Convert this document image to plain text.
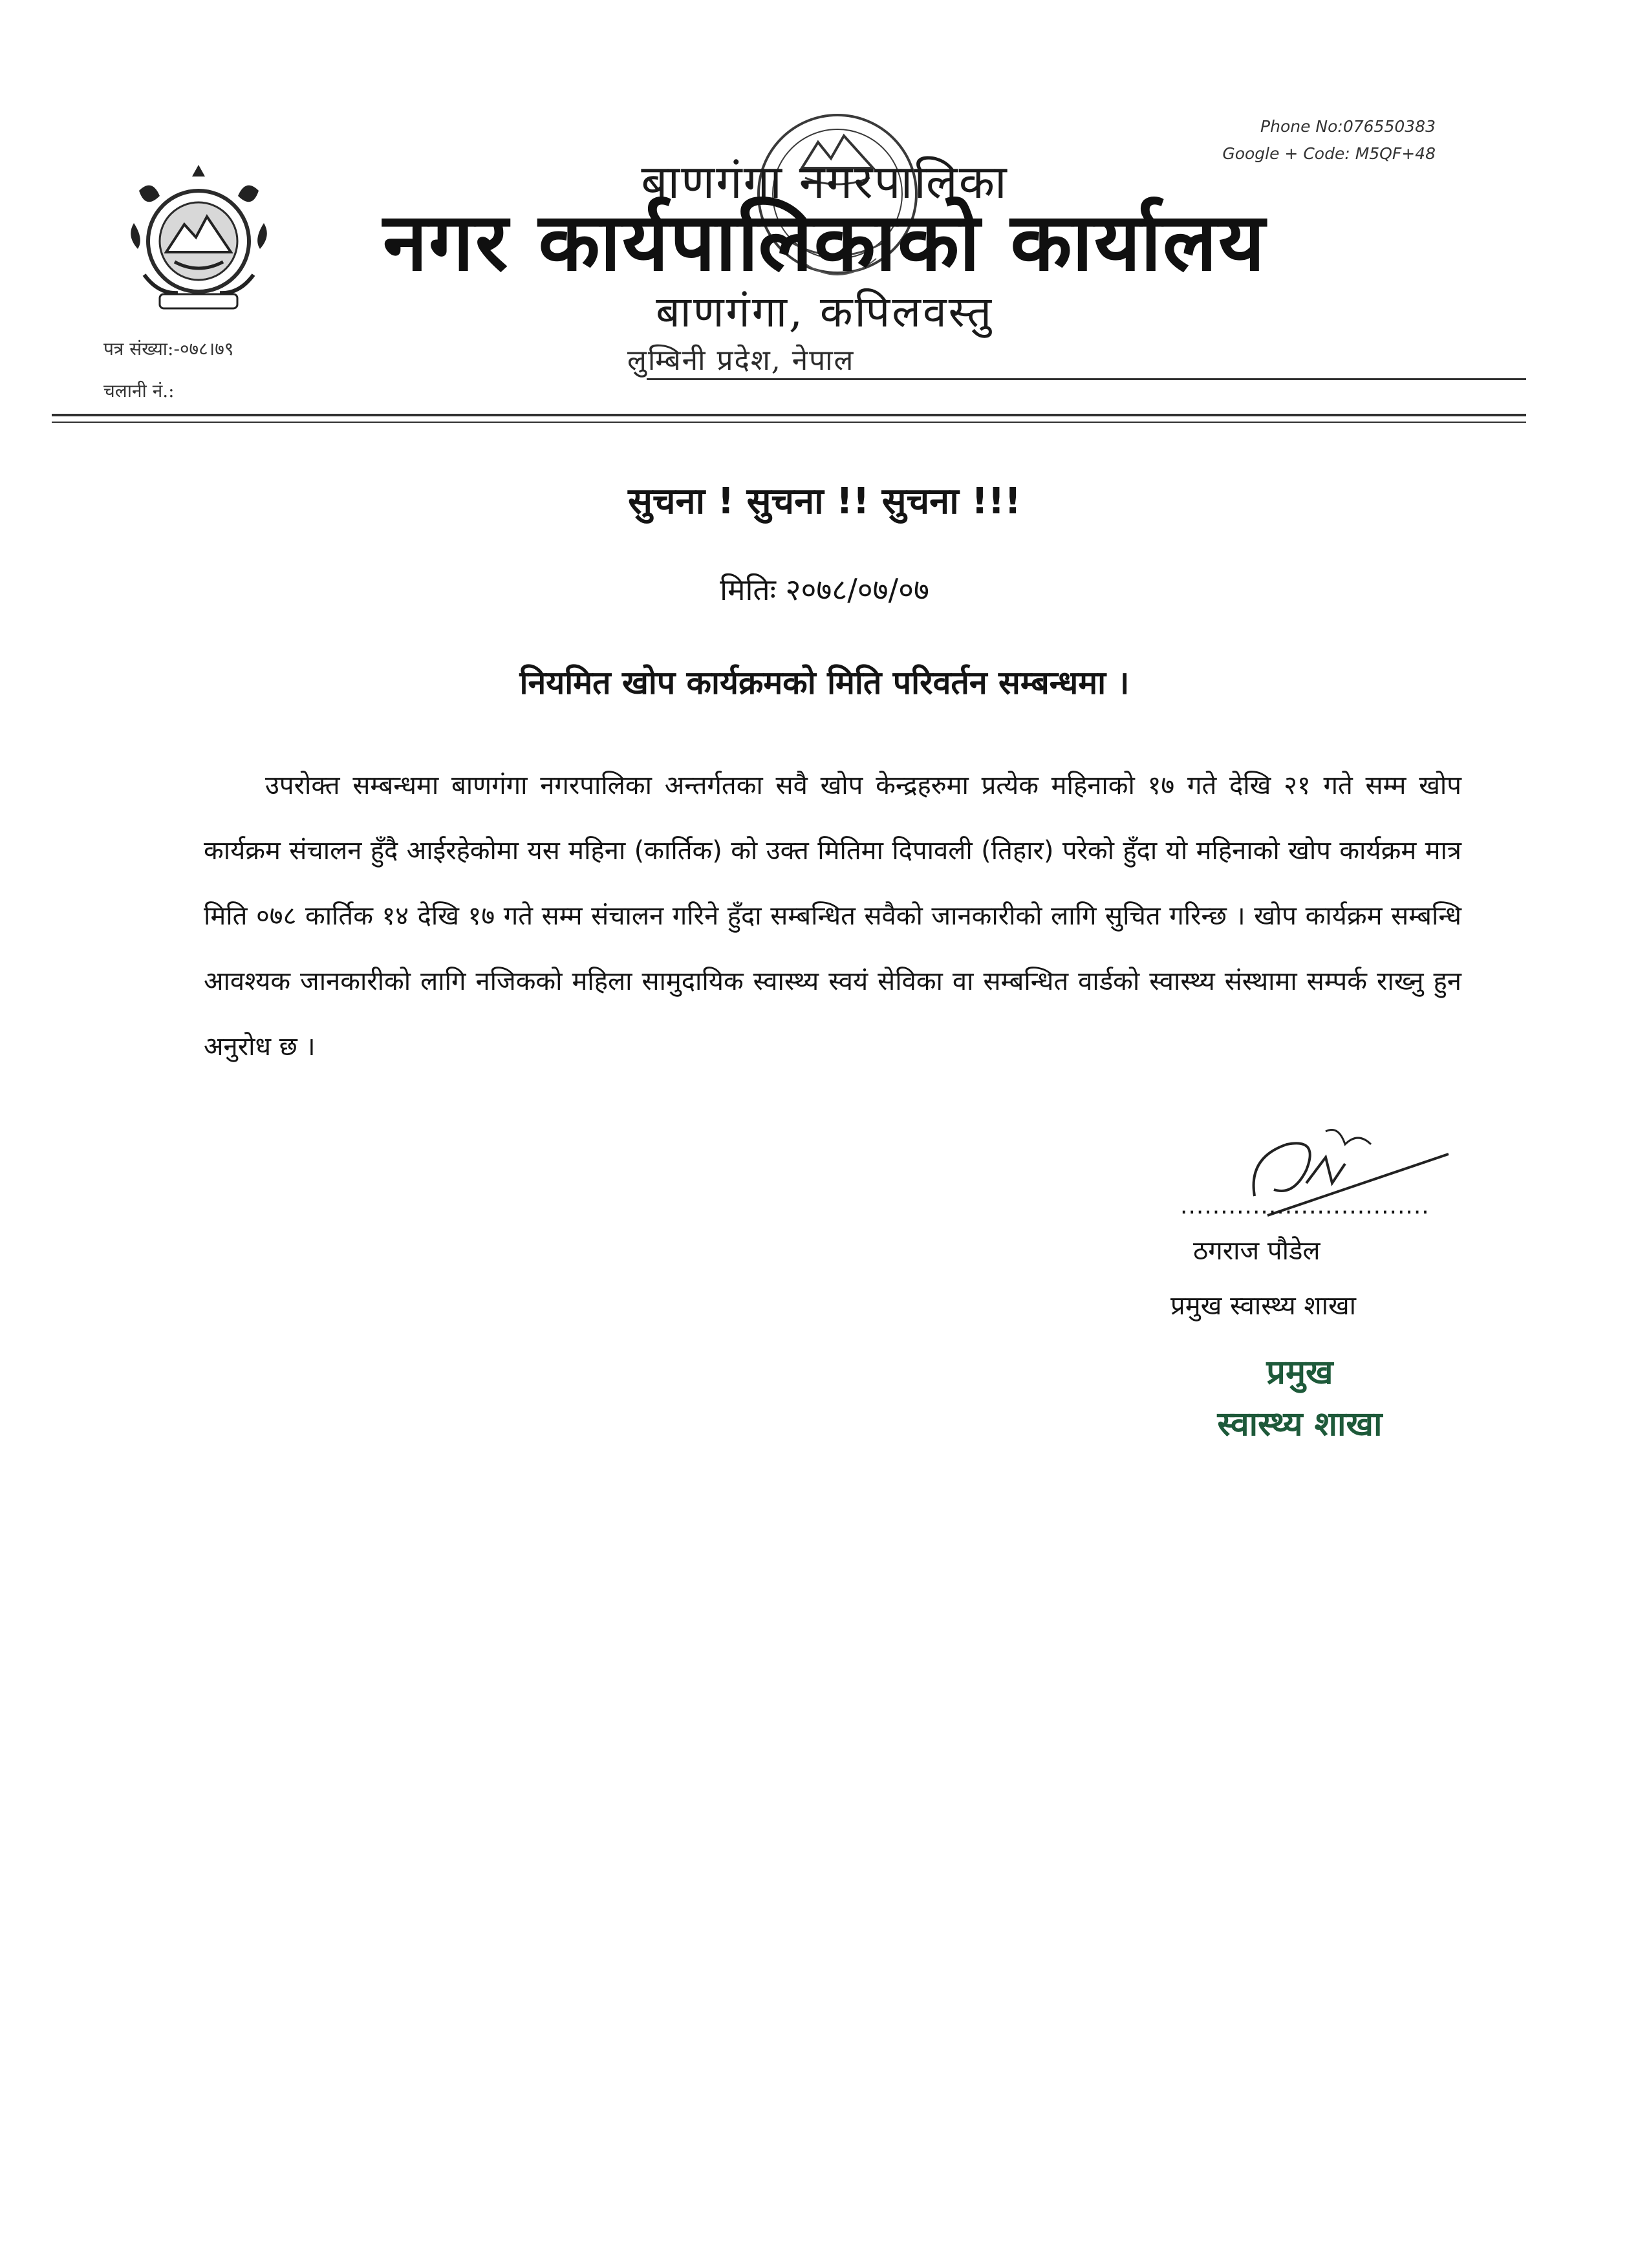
Phone No:076550383
Google + Code: M5QF+48
बाणगंगा नगरपालिका
नगर कार्यपालिकाको कार्यालय
बाणगंगा, कपिलवस्तु
लुम्बिनी प्रदेश, नेपाल
पत्र संख्या:-०७८।७९
चलानी नं.:
सुचना ! सुचना !! सुचना !!!
मितिः २०७८/०७/०७
नियमित खोप कार्यक्रमको मिति परिवर्तन सम्बन्धमा ।

उपरोक्त सम्बन्धमा बाणगंगा नगरपालिका अन्तर्गतका सवै खोप केन्द्रहरुमा प्रत्येक महिनाको १७ गते देखि २१ गते सम्म खोप कार्यक्रम संचालन हुँदै आईरहेकोमा यस महिना (कार्तिक) को उक्त मितिमा दिपावली (तिहार) परेको हुँदा यो महिनाको खोप कार्यक्रम मात्र मिति ०७८ कार्तिक १४ देखि १७ गते सम्म संचालन गरिने हुँदा सम्बन्धित सवैको जानकारीको लागि सुचित गरिन्छ । खोप कार्यक्रम सम्बन्धि आवश्यक जानकारीको लागि नजिकको महिला सामुदायिक स्वास्थ्य स्वयं सेविका वा सम्बन्धित वार्डको स्वास्थ्य संस्थामा सम्पर्क राख्नु हुन अनुरोध छ ।

...............................
ठगराज पौडेल
प्रमुख स्वास्थ्य शाखा
प्रमुख
स्वास्थ्य शाखा
